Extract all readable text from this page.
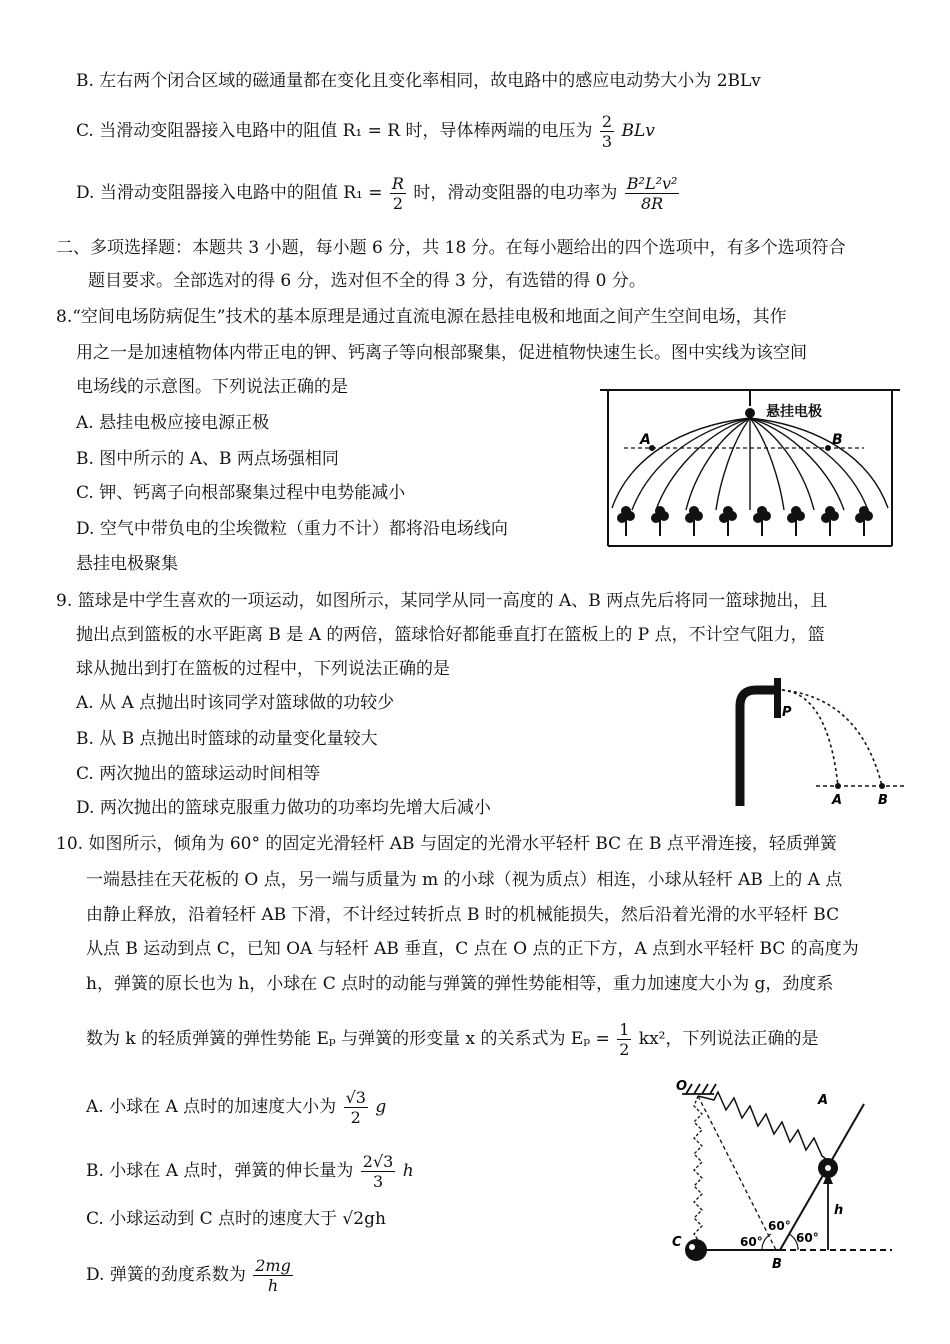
B. 左右两个闭合区域的磁通量都在变化且变化率相同，故电路中的感应电动势大小为 2BLv
C. 当滑动变阻器接入电路中的阻值 R₁ = R 时，导体棒两端的电压为 $\frac{2}{3}$ BLv
D. 当滑动变阻器接入电路中的阻值 $R_1 = \frac{R}{2}$ 时，滑动变阻器的电功率为 $\frac{\text{B²L²v²}}{8R}$
二、多项选择题：本题共 3 小题，每小题 6 分，共 18 分。在每小题给出的四个选项中，有多个选项符合
题目要求。全部选对的得 6 分，选对但不全的得 3 分，有选错的得 0 分。
8.“空间电场防病促生”技术的基本原理是通过直流电源在悬挂电极和地面之间产生空间电场，其作
用之一是加速植物体内带正电的钾、钙离子等向根部聚集，促进植物快速生长。图中实线为该空间
电场线的示意图。下列说法正确的是
A. 悬挂电极应接电源正极
B. 图中所示的 A、B 两点场强相同
C. 钾、钙离子向根部聚集过程中电势能减小
D. 空气中带负电的尘埃微粒（重力不计）都将沿电场线向
悬挂电极聚集
悬挂电极
A	B
9. 篮球是中学生喜欢的一项运动，如图所示，某同学从同一高度的 A、B 两点先后将同一篮球抛出，且
抛出点到篮板的水平距离 B 是 A 的两倍，篮球恰好都能垂直打在篮板上的 P 点，不计空气阻力，篮
球从抛出到打在篮板的过程中，下列说法正确的是
A. 从 A 点抛出时该同学对篮球做的功较少
B. 从 B 点抛出时篮球的动量变化量较大
C. 两次抛出的篮球运动时间相等
D. 两次抛出的篮球克服重力做功的功率均先增大后减小
P
A	B
10. 如图所示，倾角为 60° 的固定光滑轻杆 AB 与固定的光滑水平轻杆 BC 在 B 点平滑连接，轻质弹簧
一端悬挂在天花板的 O 点，另一端与质量为 m 的小球（视为质点）相连，小球从轻杆 AB 上的 A 点
由静止释放，沿着轻杆 AB 下滑，不计经过转折点 B 时的机械能损失，然后沿着光滑的水平轻杆 BC
从点 B 运动到点 C，已知 OA 与轻杆 AB 垂直，C 点在 O 点的正下方，A 点到水平轻杆 BC 的高度为
h，弹簧的原长也为 h，小球在 C 点时的动能与弹簧的弹性势能相等，重力加速度大小为 g，劲度系
数为 k 的轻质弹簧的弹性势能 Eₚ 与弹簧的形变量 x 的关系式为 $E_p = \frac{1}{2} kx^2$，下列说法正确的是
A. 小球在 A 点时的加速度大小为 $\frac{√3}{2}$ g
B. 小球在 A 点时，弹簧的伸长量为 $\frac{2√3}{3}$ h
C. 小球运动到 C 点时的速度大于 √2gh
D. 弹簧的劲度系数为 $\frac{2mg}{h}$
O
h
A
B
C
60°
60°	60°
